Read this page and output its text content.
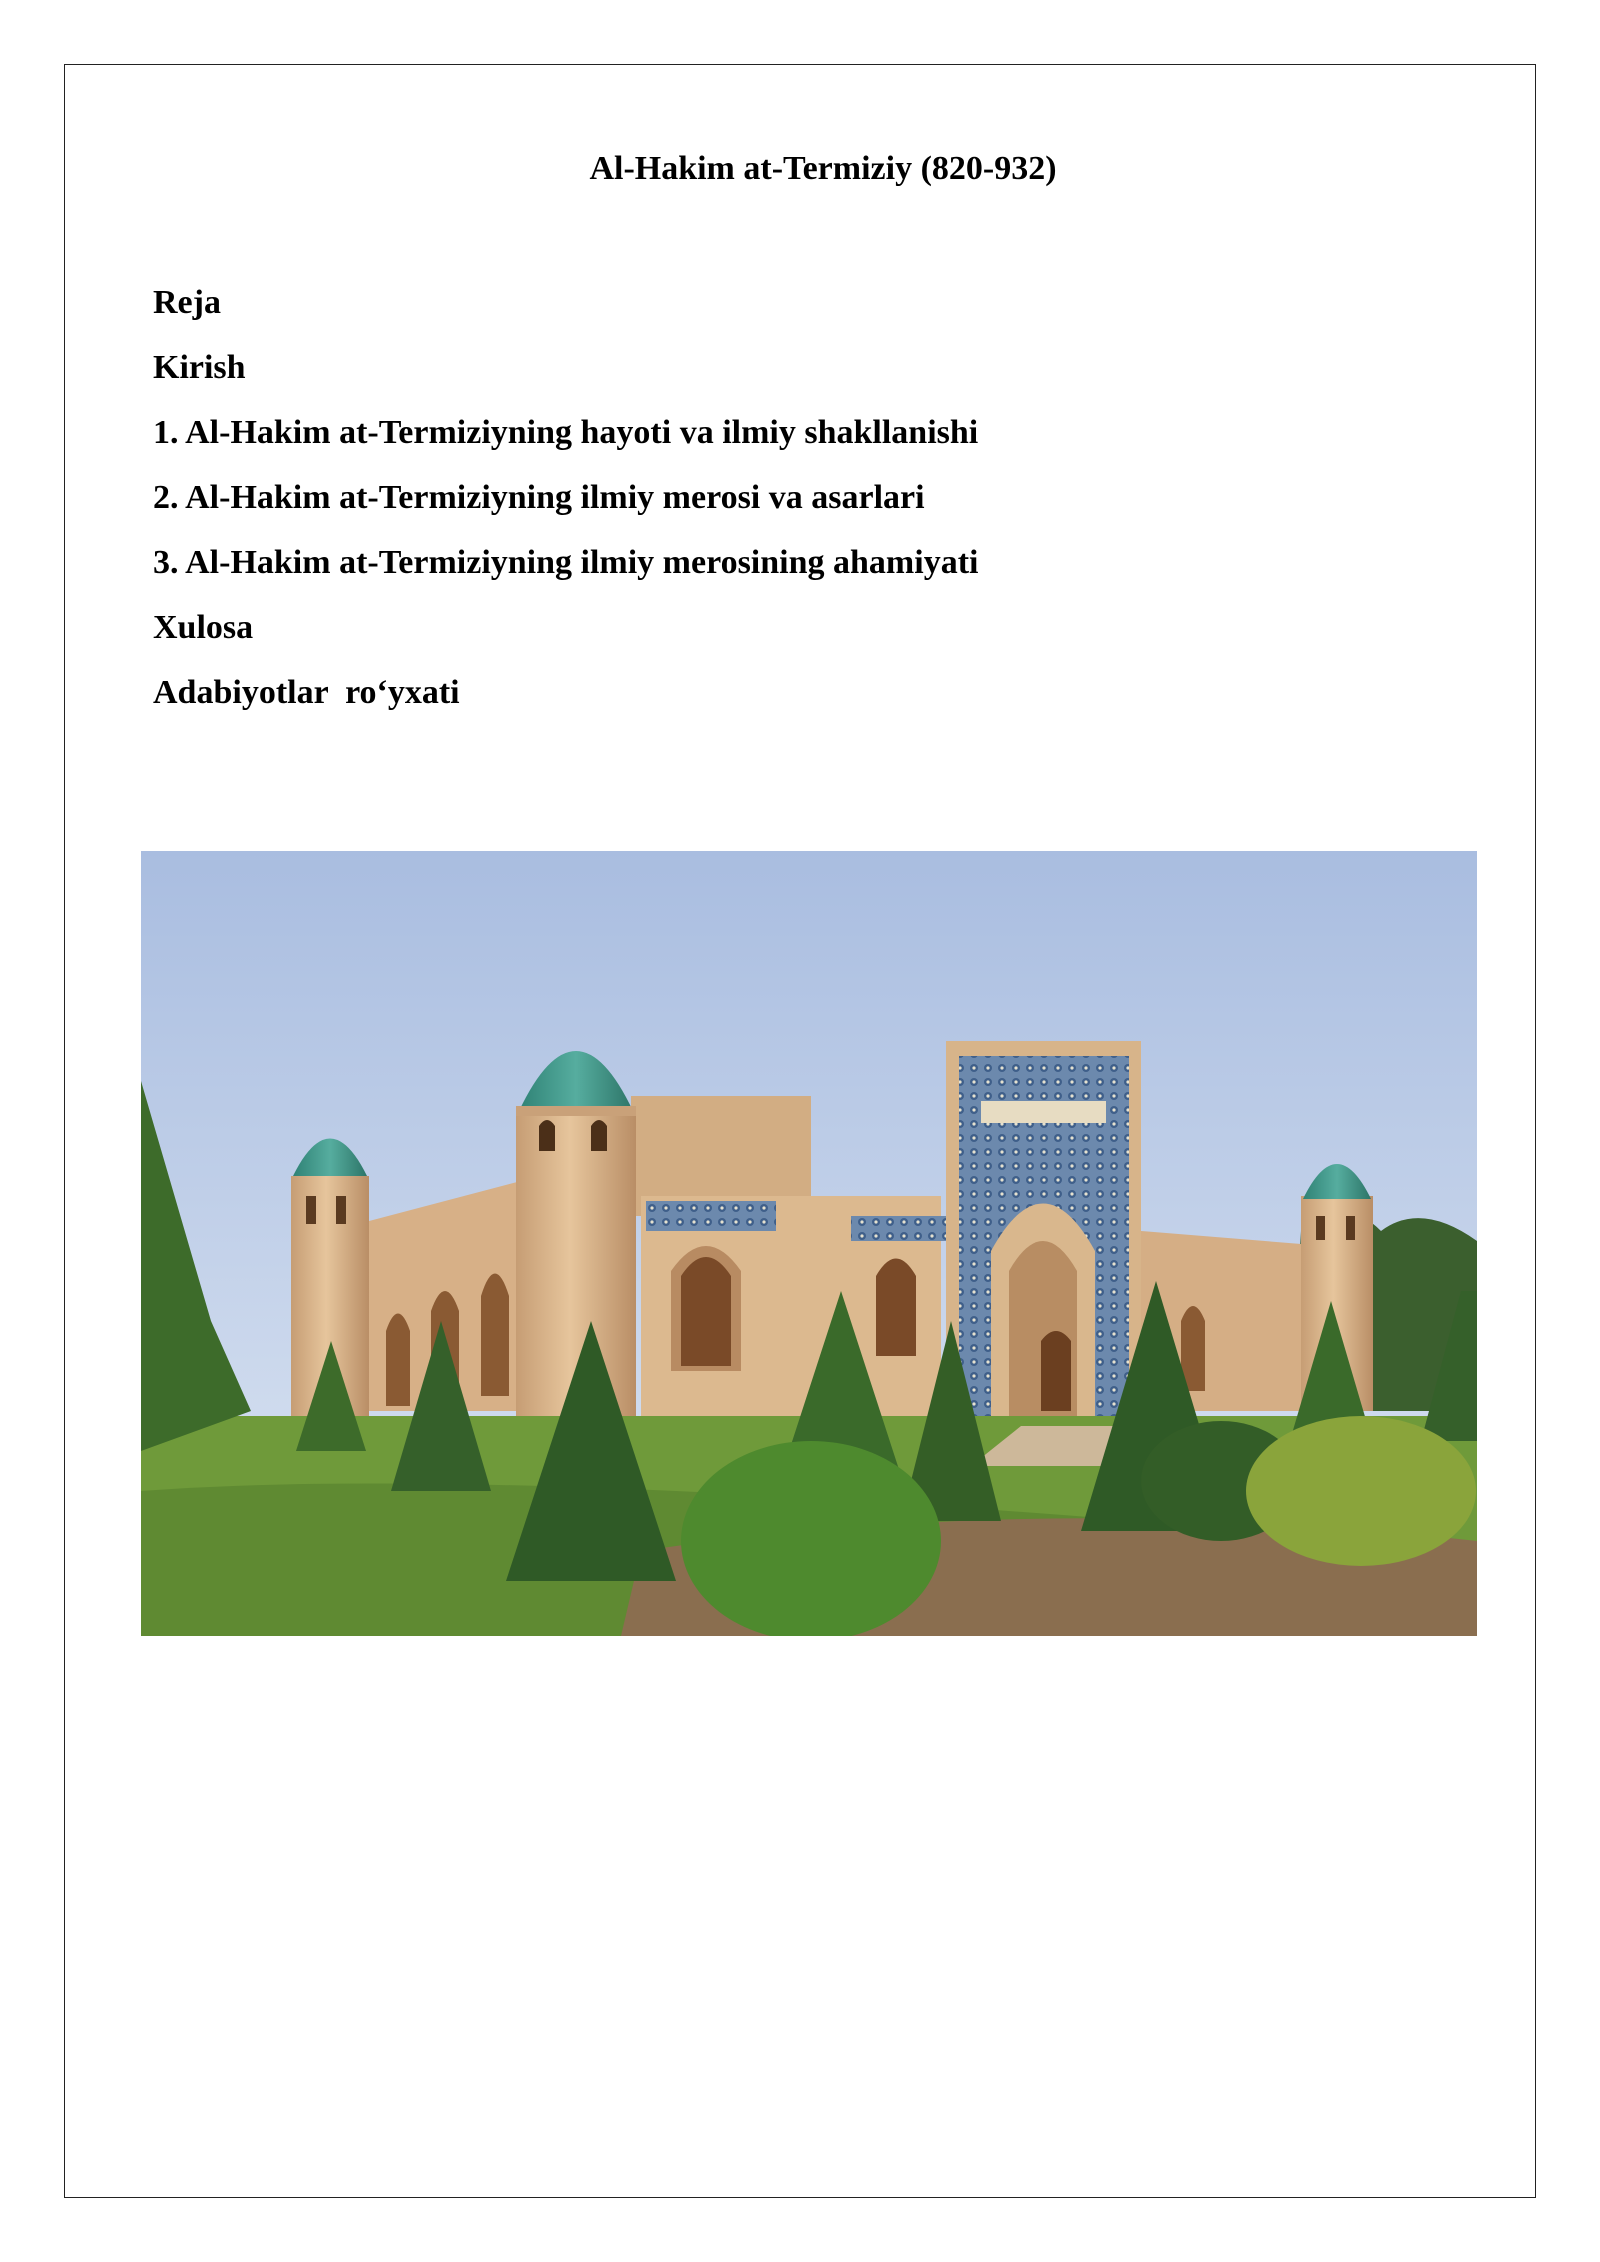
Al-Hakim at-Termiziy (820-932)
Reja
Kirish
1. Al-Hakim at-Termiziyning hayoti va ilmiy shakllanishi
2. Al-Hakim at-Termiziyning ilmiy merosi va asarlari
3. Al-Hakim at-Termiziyning ilmiy merosining ahamiyati
Xulosa
Adabiyotlar  ro‘yxati
